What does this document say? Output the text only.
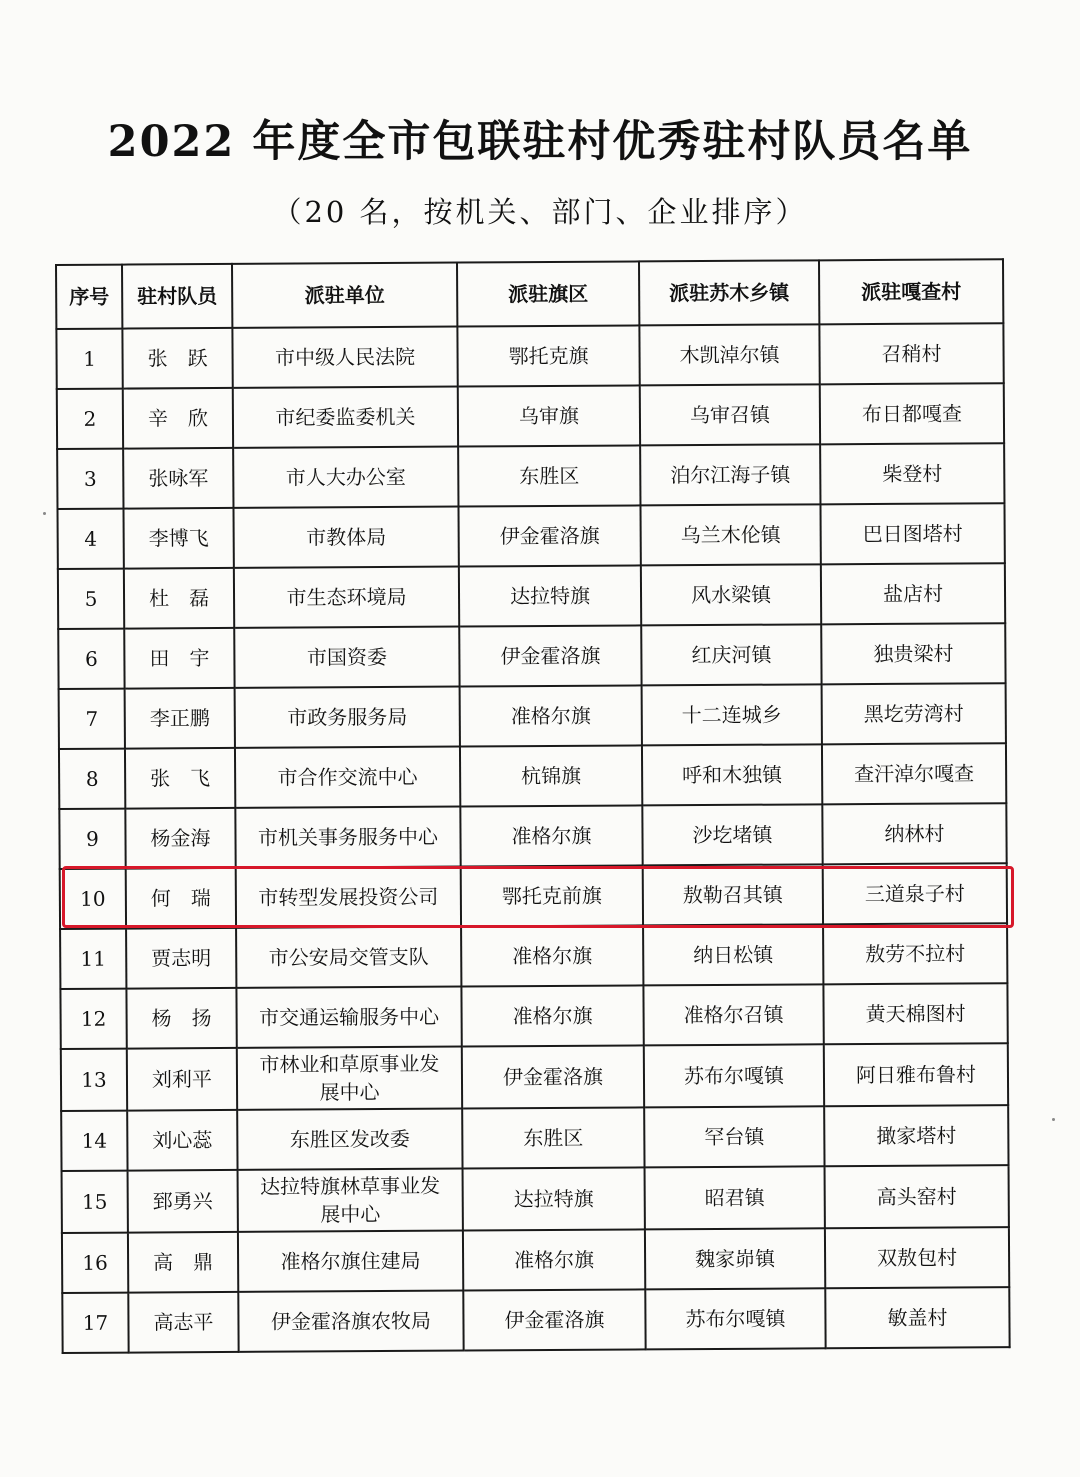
2022 年度全市包联驻村优秀驻村队员名单
（20 名，按机关、部门、企业排序）
序号	驻村队员	派驻单位	派驻旗区	派驻苏木乡镇	派驻嘎查村
1	张　跃	市中级人民法院	鄂托克旗	木凯淖尔镇	召稍村
2	辛　欣	市纪委监委机关	乌审旗	乌审召镇	布日都嘎查
3	张咏军	市人大办公室	东胜区	泊尔江海子镇	柴登村
4	李博飞	市教体局	伊金霍洛旗	乌兰木伦镇	巴日图塔村
5	杜　磊	市生态环境局	达拉特旗	风水梁镇	盐店村
6	田　宇	市国资委	伊金霍洛旗	红庆河镇	独贵梁村
7	李正鹏	市政务服务局	准格尔旗	十二连城乡	黑圪劳湾村
8	张　飞	市合作交流中心	杭锦旗	呼和木独镇	查汗淖尔嘎查
9	杨金海	市机关事务服务中心	准格尔旗	沙圪堵镇	纳林村
10	何　瑞	市转型发展投资公司	鄂托克前旗	敖勒召其镇	三道泉子村
11	贾志明	市公安局交管支队	准格尔旗	纳日松镇	敖劳不拉村
12	杨　扬	市交通运输服务中心	准格尔旗	准格尔召镇	黄天棉图村
13	刘利平	市林业和草原事业发展中心	伊金霍洛旗	苏布尔嘎镇	阿日雅布鲁村
14	刘心蕊	东胜区发改委	东胜区	罕台镇	撖家塔村
15	郅勇兴	达拉特旗林草事业发展中心	达拉特旗	昭君镇	高头窑村
16	高　鼎	准格尔旗住建局	准格尔旗	魏家峁镇	双敖包村
17	高志平	伊金霍洛旗农牧局	伊金霍洛旗	苏布尔嘎镇	敏盖村
